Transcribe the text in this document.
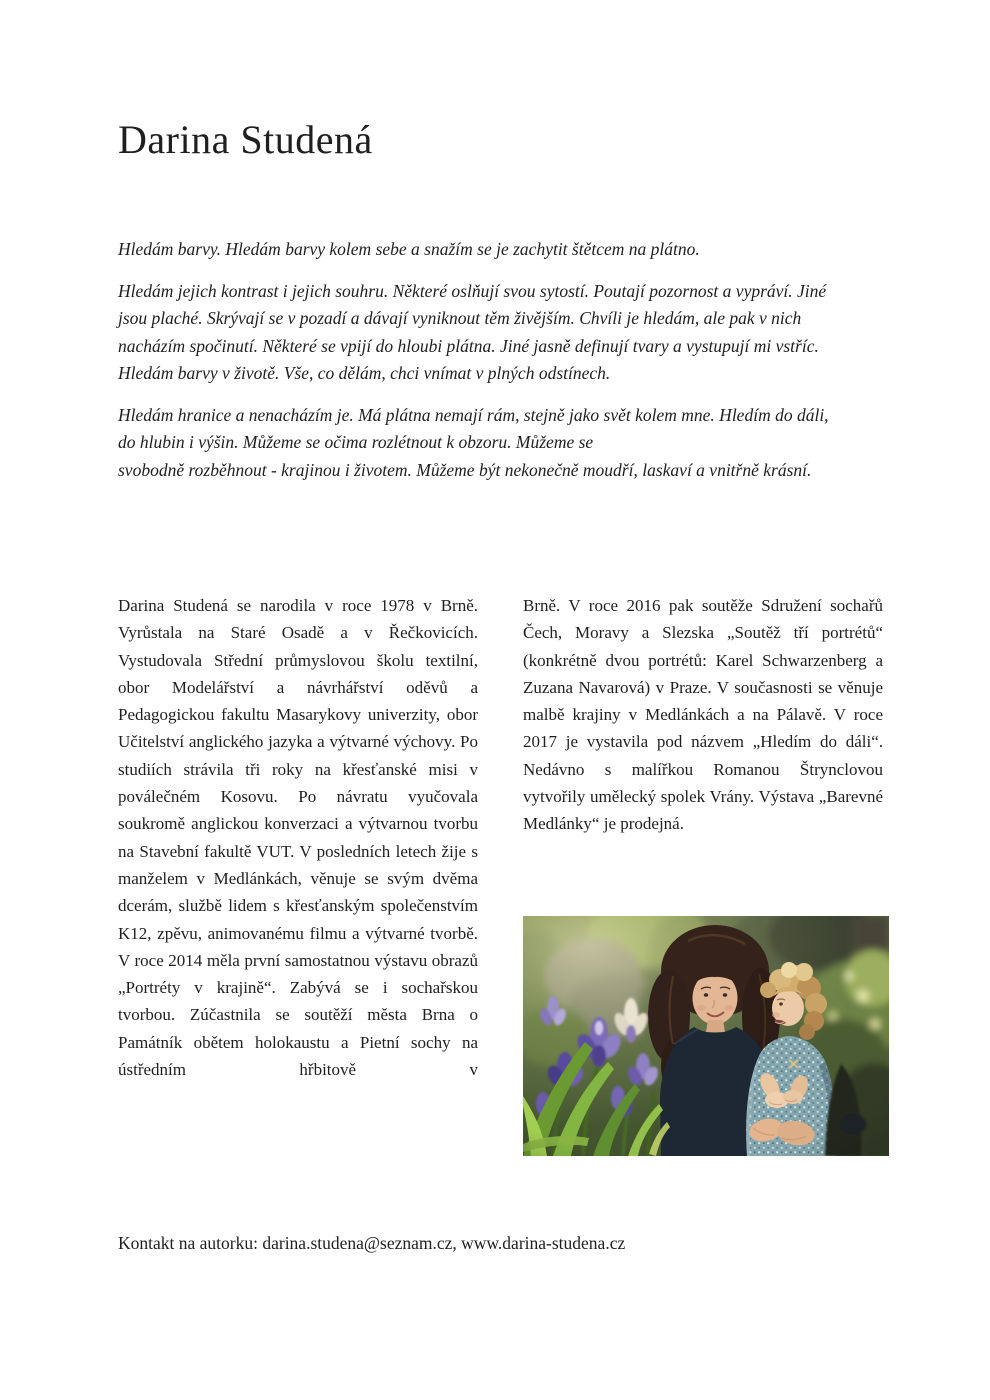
Darina Studená

Hledám barvy. Hledám barvy kolem sebe a snažím se je zachytit štětcem na plátno.

Hledám jejich kontrast i jejich souhru. Některé oslňují svou sytostí. Poutají pozornost a vypráví. Jiné jsou plaché. Skrývají se v pozadí a dávají vyniknout těm živějším. Chvíli je hledám, ale pak v nich nacházím spočinutí. Některé se vpijí do hloubi plátna. Jiné jasně definují tvary a vystupují mi vstříc. Hledám barvy v životě. Vše, co dělám, chci vnímat v plných odstínech.

Hledám hranice a nenacházím je. Má plátna nemají rám, stejně jako svět kolem mne. Hledím do dáli, do hlubin i výšin. Můžeme se očima rozlétnout k obzoru. Můžeme se
svobodně rozběhnout - krajinou i životem. Můžeme být nekonečně moudří, laskaví a vnitřně krásní.

Darina Studená se narodila v roce 1978 v Brně. Vyrůstala na Staré Osadě a v Řečkovicích. Vystudovala Střední průmyslovou školu textilní, obor Modelářství a návrhářství oděvů a Pedagogickou fakultu Masarykovy univerzity, obor Učitelství anglického jazyka a výtvarné výchovy. Po studiích strávila tři roky na křesťanské misi v poválečném Kosovu. Po návratu vyučovala soukromě anglickou konverzaci a výtvarnou tvorbu na Stavební fakultě VUT. V posledních letech žije s manželem v Medlánkách, věnuje se svým dvěma dcerám, službě lidem s křesťanským společenstvím K12, zpěvu, animovanému filmu a výtvarné tvorbě. V roce 2014 měla první samostatnou výstavu obrazů „Portréty v krajině“. Zabývá se i sochařskou tvorbou. Zúčastnila se soutěží města Brna o Památník obětem holokaustu a Pietní sochy na ústředním hřbitově v

Brně. V roce 2016 pak soutěže Sdružení sochařů Čech, Moravy a Slezska „Soutěž tří portrétů“ (konkrétně dvou portrétů: Karel Schwarzenberg a Zuzana Navarová) v Praze. V současnosti se věnuje malbě krajiny v Medlánkách a na Pálavě. V roce 2017 je vystavila pod názvem „Hledím do dáli“. Nedávno s malířkou Romanou Štrynclovou vytvořily umělecký spolek Vrány. Výstava „Barevné Medlánky“ je prodejná.

Kontakt na autorku: darina.studena@seznam.cz, www.darina-studena.cz
